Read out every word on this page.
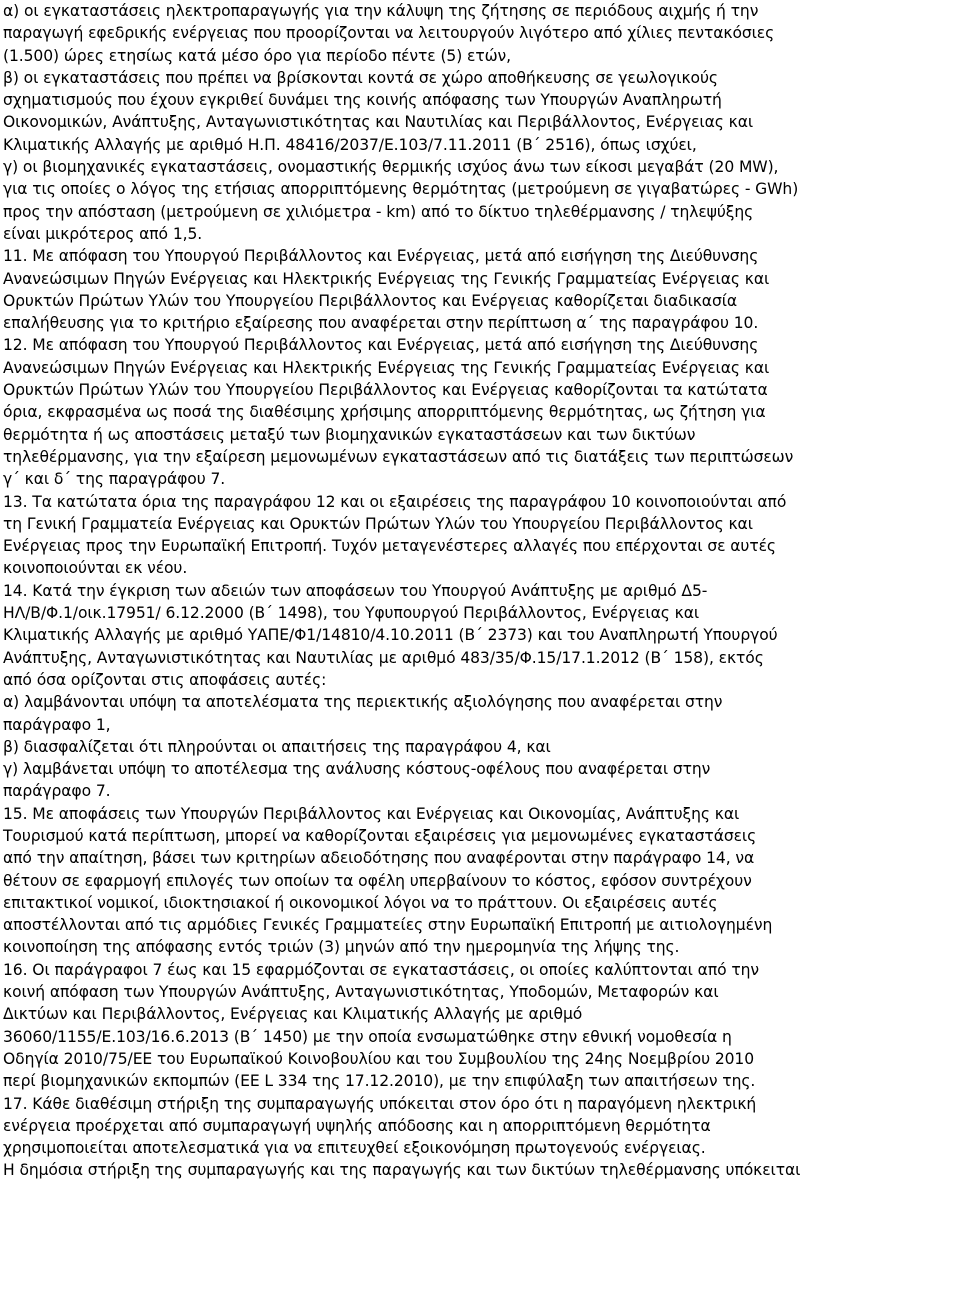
α) οι εγκαταστάσεις ηλεκτροπαραγωγής για την κάλυψη της ζήτησης σε περιόδους αιχμής ή την
παραγωγή εφεδρικής ενέργειας που προορίζονται να λειτουργούν λιγότερο από χίλιες πεντακόσιες
(1.500) ώρες ετησίως κατά μέσο όρο για περίοδο πέντε (5) ετών,
β) οι εγκαταστάσεις που πρέπει να βρίσκονται κοντά σε χώρο αποθήκευσης σε γεωλογικούς
σχηματισμούς που έχουν εγκριθεί δυνάμει της κοινής απόφασης των Υπουργών Αναπληρωτή
Οικονομικών, Ανάπτυξης, Ανταγωνιστικότητας και Ναυτιλίας και Περιβάλλοντος, Ενέργειας και
Κλιματικής Αλλαγής με αριθμό Η.Π. 48416/2037/Ε.103/7.11.2011 (Β΄ 2516), όπως ισχύει,
γ) οι βιομηχανικές εγκαταστάσεις, ονομαστικής θερμικής ισχύος άνω των είκοσι μεγαβάτ (20 MW),
για τις οποίες ο λόγος της ετήσιας απορριπτόμενης θερμότητας (μετρούμενη σε γιγαβατώρες - GWh)
προς την απόσταση (μετρούμενη σε χιλιόμετρα - km) από το δίκτυο τηλεθέρμανσης / τηλεψύξης
είναι μικρότερος από 1,5.
11. Με απόφαση του Υπουργού Περιβάλλοντος και Ενέργειας, μετά από εισήγηση της Διεύθυνσης
Ανανεώσιμων Πηγών Ενέργειας και Ηλεκτρικής Ενέργειας της Γενικής Γραμματείας Ενέργειας και
Ορυκτών Πρώτων Υλών του Υπουργείου Περιβάλλοντος και Ενέργειας καθορίζεται διαδικασία
επαλήθευσης για το κριτήριο εξαίρεσης που αναφέρεται στην περίπτωση α΄ της παραγράφου 10.
12. Με απόφαση του Υπουργού Περιβάλλοντος και Ενέργειας, μετά από εισήγηση της Διεύθυνσης
Ανανεώσιμων Πηγών Ενέργειας και Ηλεκτρικής Ενέργειας της Γενικής Γραμματείας Ενέργειας και
Ορυκτών Πρώτων Υλών του Υπουργείου Περιβάλλοντος και Ενέργειας καθορίζονται τα κατώτατα
όρια, εκφρασμένα ως ποσά της διαθέσιμης χρήσιμης απορριπτόμενης θερμότητας, ως ζήτηση για
θερμότητα ή ως αποστάσεις μεταξύ των βιομηχανικών εγκαταστάσεων και των δικτύων
τηλεθέρμανσης, για την εξαίρεση μεμονωμένων εγκαταστάσεων από τις διατάξεις των περιπτώσεων
γ΄ και δ΄ της παραγράφου 7.
13. Τα κατώτατα όρια της παραγράφου 12 και οι εξαιρέσεις της παραγράφου 10 κοινοποιούνται από
τη Γενική Γραμματεία Ενέργειας και Ορυκτών Πρώτων Υλών του Υπουργείου Περιβάλλοντος και
Ενέργειας προς την Ευρωπαϊκή Επιτροπή. Τυχόν μεταγενέστερες αλλαγές που επέρχονται σε αυτές
κοινοποιούνται εκ νέου.
14. Κατά την έγκριση των αδειών των αποφάσεων του Υπουργού Ανάπτυξης με αριθμό Δ5-
ΗΛ/Β/Φ.1/οικ.17951/ 6.12.2000 (Β΄ 1498), του Υφυπουργού Περιβάλλοντος, Ενέργειας και
Κλιματικής Αλλαγής με αριθμό ΥΑΠΕ/Φ1/14810/4.10.2011 (Β΄ 2373) και του Αναπληρωτή Υπουργού
Ανάπτυξης, Ανταγωνιστικότητας και Ναυτιλίας με αριθμό 483/35/Φ.15/17.1.2012 (Β΄ 158), εκτός
από όσα ορίζονται στις αποφάσεις αυτές:
α) λαμβάνονται υπόψη τα αποτελέσματα της περιεκτικής αξιολόγησης που αναφέρεται στην
παράγραφο 1,
β) διασφαλίζεται ότι πληρούνται οι απαιτήσεις της παραγράφου 4, και
γ) λαμβάνεται υπόψη το αποτέλεσμα της ανάλυσης κόστους-οφέλους που αναφέρεται στην
παράγραφο 7.
15. Με αποφάσεις των Υπουργών Περιβάλλοντος και Ενέργειας και Οικονομίας, Ανάπτυξης και
Τουρισμού κατά περίπτωση, μπορεί να καθορίζονται εξαιρέσεις για μεμονωμένες εγκαταστάσεις
από την απαίτηση, βάσει των κριτηρίων αδειοδότησης που αναφέρονται στην παράγραφο 14, να
θέτουν σε εφαρμογή επιλογές των οποίων τα οφέλη υπερβαίνουν το κόστος, εφόσον συντρέχουν
επιτακτικοί νομικοί, ιδιοκτησιακοί ή οικονομικοί λόγοι να το πράττουν. Οι εξαιρέσεις αυτές
αποστέλλονται από τις αρμόδιες Γενικές Γραμματείες στην Ευρωπαϊκή Επιτροπή με αιτιολογημένη
κοινοποίηση της απόφασης εντός τριών (3) μηνών από την ημερομηνία της λήψης της.
16. Οι παράγραφοι 7 έως και 15 εφαρμόζονται σε εγκαταστάσεις, οι οποίες καλύπτονται από την
κοινή απόφαση των Υπουργών Ανάπτυξης, Ανταγωνιστικότητας, Υποδομών, Μεταφορών και
Δικτύων και Περιβάλλοντος, Ενέργειας και Κλιματικής Αλλαγής με αριθμό
36060/1155/Ε.103/16.6.2013 (Β΄ 1450) με την οποία ενσωματώθηκε στην εθνική νομοθεσία η
Οδηγία 2010/75/ΕΕ του Ευρωπαϊκού Κοινοβουλίου και του Συμβουλίου της 24ης Νοεμβρίου 2010
περί βιομηχανικών εκπομπών (ΕΕ L 334 της 17.12.2010), με την επιφύλαξη των απαιτήσεων της.
17. Κάθε διαθέσιμη στήριξη της συμπαραγωγής υπόκειται στον όρο ότι η παραγόμενη ηλεκτρική
ενέργεια προέρχεται από συμπαραγωγή υψηλής απόδοσης και η απορριπτόμενη θερμότητα
χρησιμοποιείται αποτελεσματικά για να επιτευχθεί εξοικονόμηση πρωτογενούς ενέργειας.
Η δημόσια στήριξη της συμπαραγωγής και της παραγωγής και των δικτύων τηλεθέρμανσης υπόκειται
